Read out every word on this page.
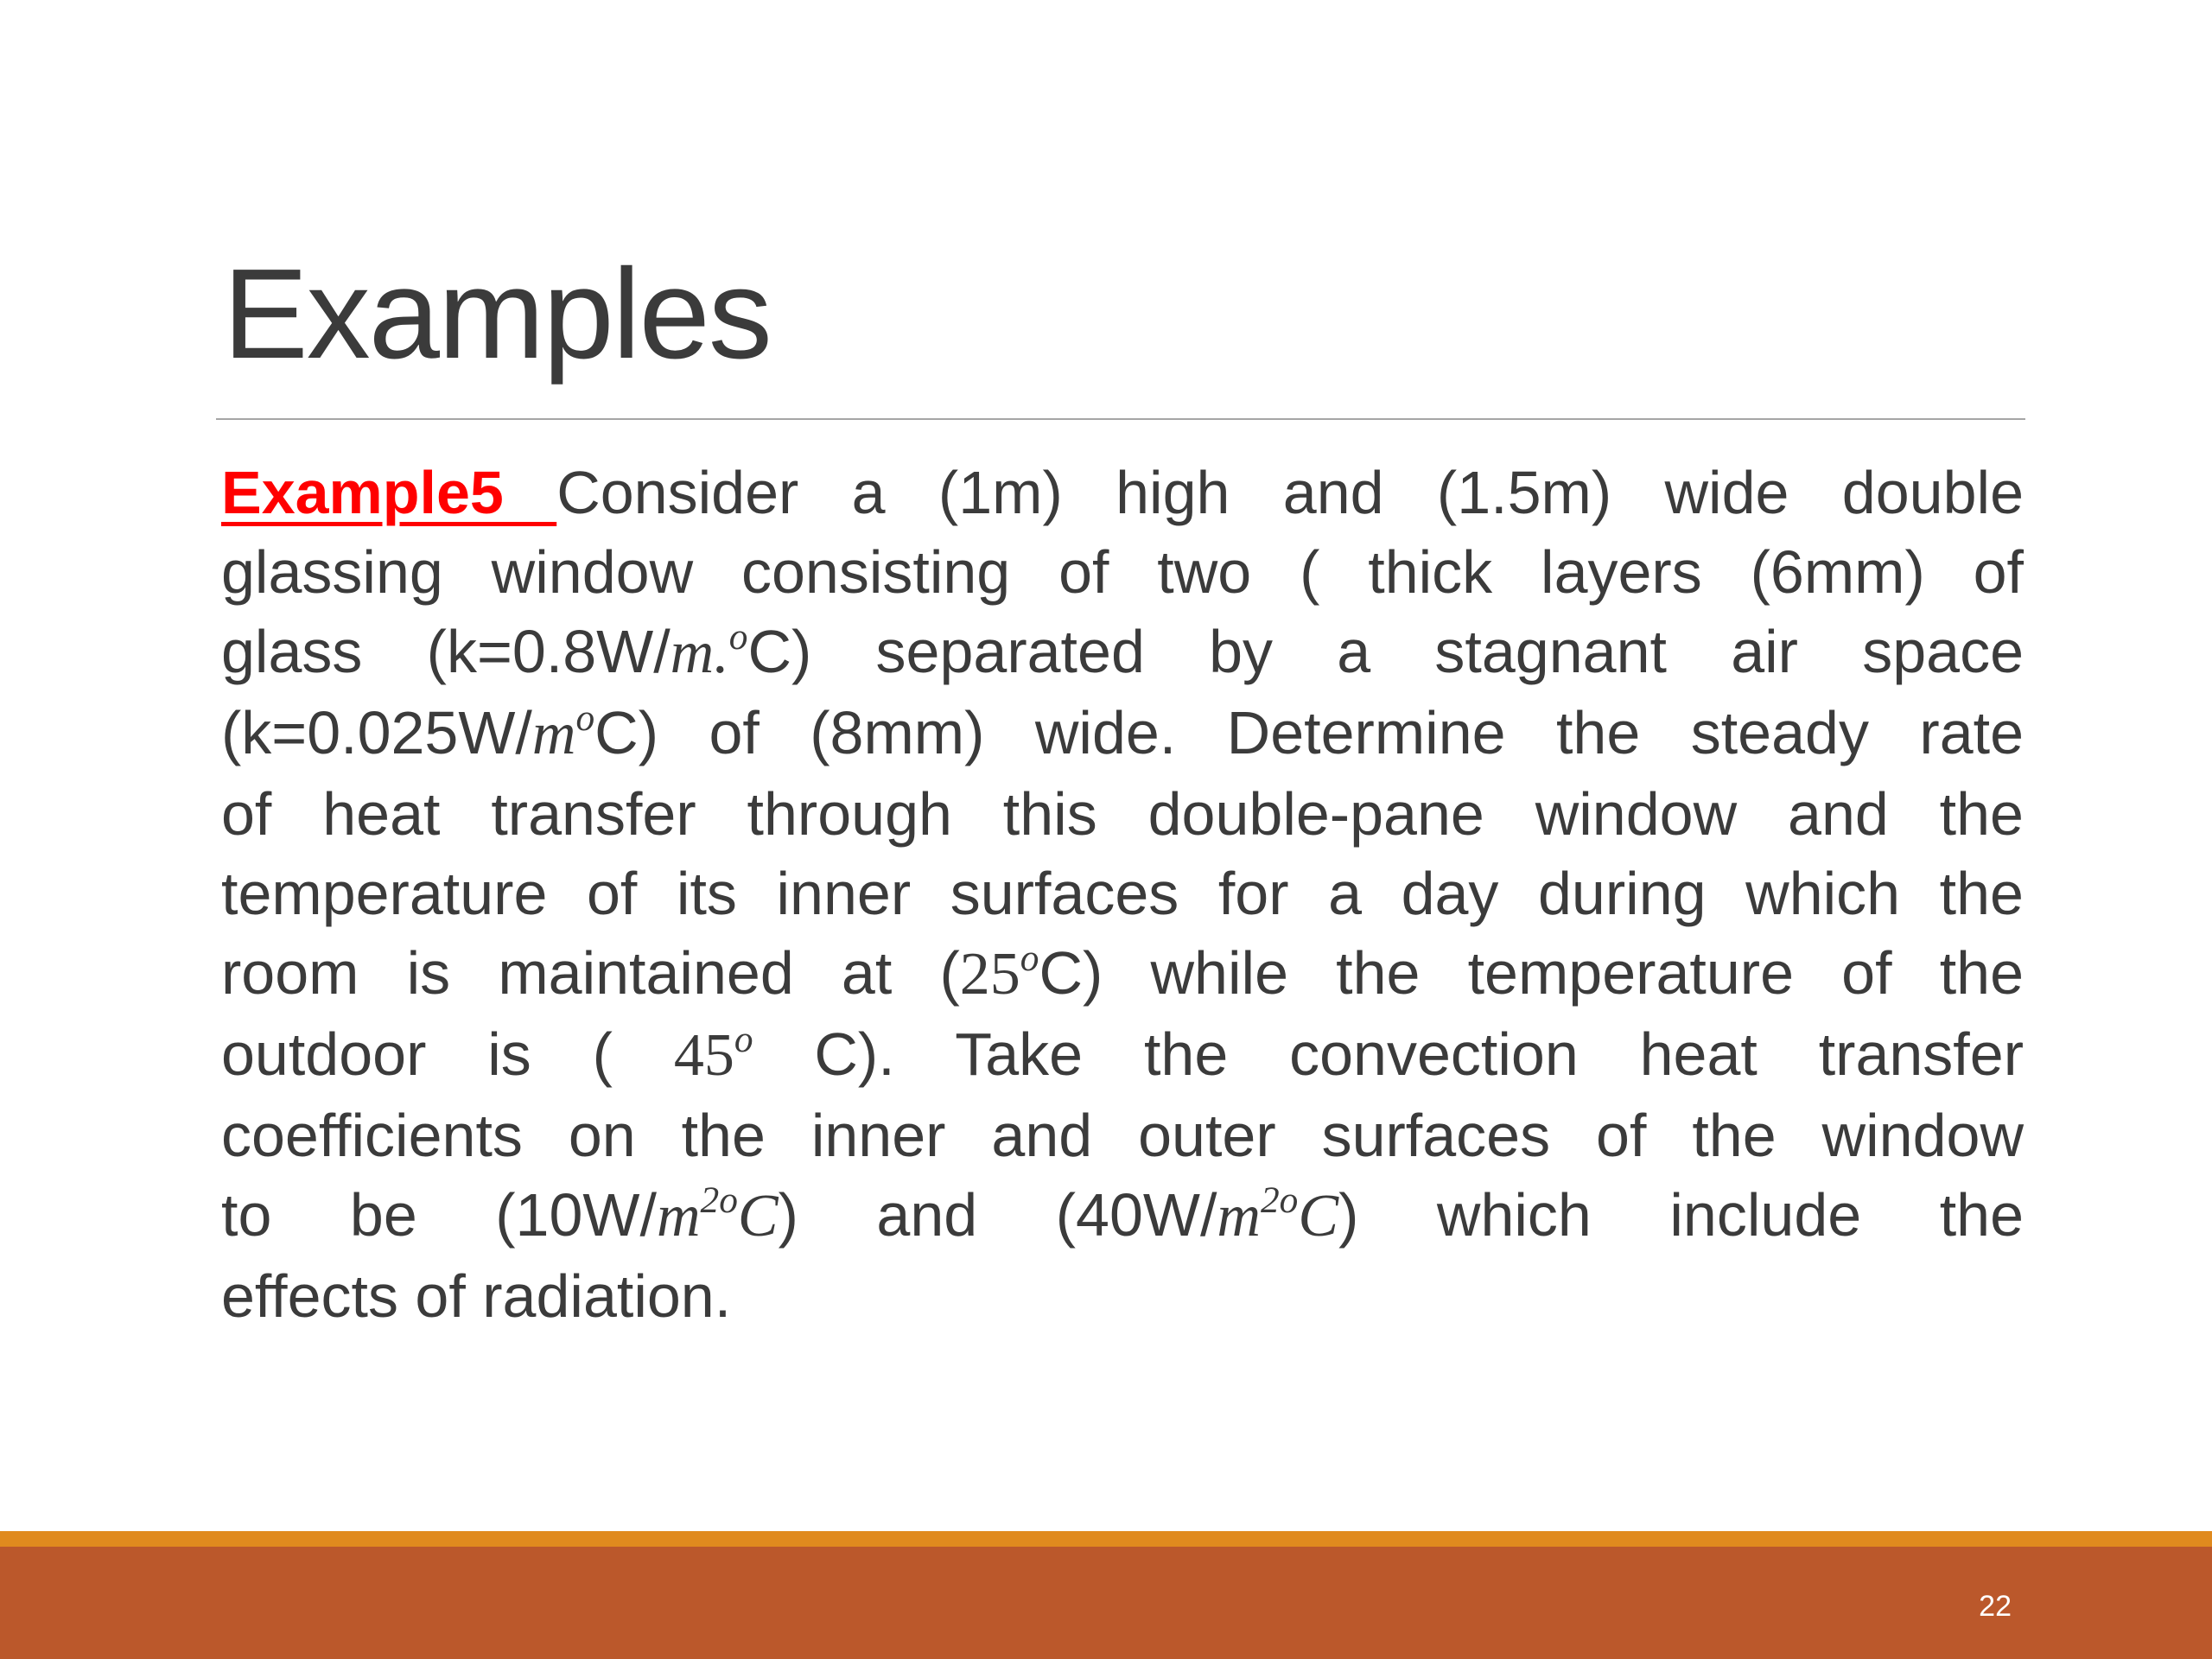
Examples
Example5 Consider a (1m) high and (1.5m) wide double
glassing window consisting of two ( thick layers (6mm) of
glass (k=0.8W/m.$^o$C) separated by a stagnant air space
$(k=0.025W/m^oC)$ of (8mm) wide. Determine the steady rate
of heat transfer through this double-pane window and the
temperature of its inner surfaces for a day during which the
room is maintained at (25$^o$C) while the temperature of the
outdoor is ( 45$^o$ C). Take the convection heat transfer
coefficients on the inner and outer surfaces of the window
to be $(10W/m^{2o}C)$ and $(40W/m^{2o}C)$ which include the
effects of radiation.
22
